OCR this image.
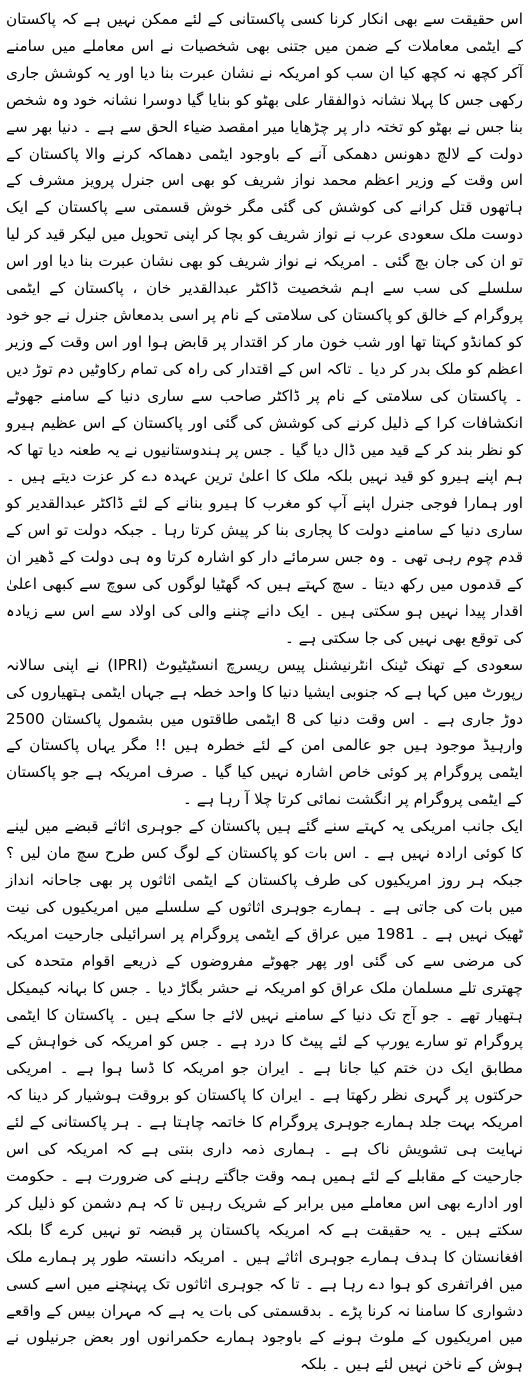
اس حقیقت سے بھی انکار کرنا کسی پاکستانی کے لئے ممکن نہیں ہے کہ پاکستان کے ایٹمی معاملات کے ضمن میں جتنی بھی شخصیات نے اس معاملے میں سامنے آکر کچھ نہ کچھ کیا ان سب کو امریکہ نے نشان عبرت بنا دیا اور یہ کوشش جاری رکھی جس کا پہلا نشانہ ذوالفقار علی بھٹو کو بنایا گیا دوسرا نشانہ خود وہ شخص بنا جس نے بھٹو کو تختہ دار پر چڑھایا میر امقصد ضیاء الحق سے ہے ۔ دنیا بھر سے دولت کے لالچ دھونس دھمکی آنے کے باوجود ایٹمی دھماکہ کرنے والا پاکستان کے اس وقت کے وزیر اعظم محمد نواز شریف کو بھی اس جنرل پرویز مشرف کے ہاتھوں قتل کرانے کی کوشش کی گئی مگر خوش قسمتی سے پاکستان کے ایک دوست ملک سعودی عرب نے نواز شریف کو بچا کر اپنی تحویل میں لیکر قید کر لیا تو ان کی جان بچ گئی ۔ امریکہ نے نواز شریف کو بھی نشان عبرت بنا دیا اور اس سلسلے کی سب سے اہم شخصیت ڈاکٹر عبدالقدیر خان ، پاکستان کے ایٹمی پروگرام کے خالق کو پاکستان کی سلامتی کے نام پر اسی بدمعاش جنرل نے جو خود کو کمانڈو کہتا تھا اور شب خون مار کر اقتدار پر قابض ہوا اور اس وقت کے وزیر اعظم کو ملک بدر کر دیا ۔ تاکہ اس کے اقتدار کی راہ کی تمام رکاوٹیں دم توڑ دیں ۔ پاکستان کی سلامتی کے نام پر ڈاکٹر صاحب سے ساری دنیا کے سامنے جھوٹے انکشافات کرا کے ذلیل کرنے کی کوشش کی گئی اور پاکستان کے اس عظیم ہیرو کو نظر بند کر کے قید میں ڈال دیا گیا ۔ جس پر ہندوستانیوں نے یہ طعنہ دیا تھا کہ ہم اپنے ہیرو کو قید نہیں بلکہ ملک کا اعلیٰ ترین عہدہ دے کر عزت دیتے ہیں ۔ اور ہمارا فوجی جنرل اپنے آپ کو مغرب کا ہیرو بنانے کے لئے ڈاکٹر عبدالقدیر کو ساری دنیا کے سامنے دولت کا پجاری بنا کر پیش کرتا رہا ۔ جبکہ دولت تو اس کے قدم چوم رہی تھی ۔ وہ جس سرمائے دار کو اشارہ کرتا وہ ہی دولت کے ڈھیر ان کے قدموں میں رکھ دیتا ۔ سچ کہتے ہیں کہ گھٹیا لوگوں کی سوچ سے کبھی اعلیٰ اقدار پیدا نہیں ہو سکتی ہیں ۔ ایک دانے چننے والی کی اولاد سے اس سے زیادہ کی توقع بھی نہیں کی جا سکتی ہے ۔

سعودی کے تھنک ٹینک انٹرنیشنل پیس ریسرچ انسٹیٹیوٹ (IPRI) نے اپنی سالانہ رپورٹ میں کہا ہے کہ جنوبی ایشیا دنیا کا واحد خطہ ہے جہاں ایٹمی ہتھیاروں کی دوڑ جاری ہے ۔ اس وقت دنیا کی 8 ایٹمی طاقتوں میں بشمول پاکستان 2500 وارہیڈ موجود ہیں جو عالمی امن کے لئے خطرہ ہیں !! مگر یہاں پاکستان کے ایٹمی پروگرام پر کوئی خاص اشارہ نہیں کیا گیا ۔ صرف امریکہ ہے جو پاکستان کے ایٹمی پروگرام پر انگشت نمائی کرتا چلا آ رہا ہے ۔

ایک جانب امریکی یہ کہتے سنے گئے ہیں پاکستان کے جوہری اثاثے قبضے میں لینے کا کوئی ارادہ نہیں ہے ۔ اس بات کو پاکستان کے لوگ کس طرح سچ مان لیں ؟ جبکہ ہر روز امریکیوں کی طرف پاکستان کے ایٹمی اثاثوں پر بھی جاحانہ انداز میں بات کی جاتی ہے ۔ ہمارے جوہری اثاثوں کے سلسلے میں امریکیوں کی نیت ٹھیک نہیں ہے ۔ 1981 میں عراق کے ایٹمی پروگرام پر اسرائیلی جارحیت امریکہ کی مرضی سے کی گئی اور پھر جھوٹے مفروضوں کے ذریعے اقوام متحدہ کی چھتری تلے مسلمان ملک عراق کو امریکہ نے حشر بگاڑ دیا ۔ جس کا بہانہ کیمیکل ہتھیار تھے ۔ جو آج تک دنیا کے سامنے نہیں لائے جا سکے ہیں ۔ پاکستان کا ایٹمی پروگرام تو سارے یورپ کے لئے پیٹ کا درد ہے ۔ جس کو امریکہ کی خواہش کے مطابق ایک دن ختم کیا جانا ہے ۔ ایران جو امریکہ کا ڈسا ہوا ہے ۔ امریکی حرکتوں پر گہری نظر رکھتا ہے ۔ ایران کا پاکستان کو بروقت ہوشیار کر دینا کہ امریکہ بہت جلد ہمارے جوہری پروگرام کا خاتمہ چاہتا ہے ۔ ہر پاکستانی کے لئے نہایت ہی تشویش ناک ہے ۔ ہماری ذمہ داری بنتی ہے کہ امریکہ کی اس جارحیت کے مقابلے کے لئے ہمیں ہمہ وقت جاگتے رہنے کی ضرورت ہے ۔ حکومت اور ادارے بھی اس معاملے میں برابر کے شریک رہیں تا کہ ہم دشمن کو ذلیل کر سکتے ہیں ۔ یہ حقیقت ہے کہ امریکہ پاکستان پر قبضہ تو نہیں کرے گا بلکہ افغانستان کا ہدف ہمارے جوہری اثاثے ہیں ۔ امریکہ دانستہ طور پر ہمارے ملک میں افراتفری کو ہوا دے رہا ہے ۔ تا کہ جوہری اثاثوں تک پہنچنے میں اسے کسی دشواری کا سامنا نہ کرنا پڑے ۔ بدقسمتی کی بات یہ ہے کہ مہران بیس کے واقعے میں امریکیوں کے ملوث ہونے کے باوجود ہمارے حکمرانوں اور بعض جرنیلوں نے ہوش کے ناخن نہیں لئے ہیں ۔ بلکہ
